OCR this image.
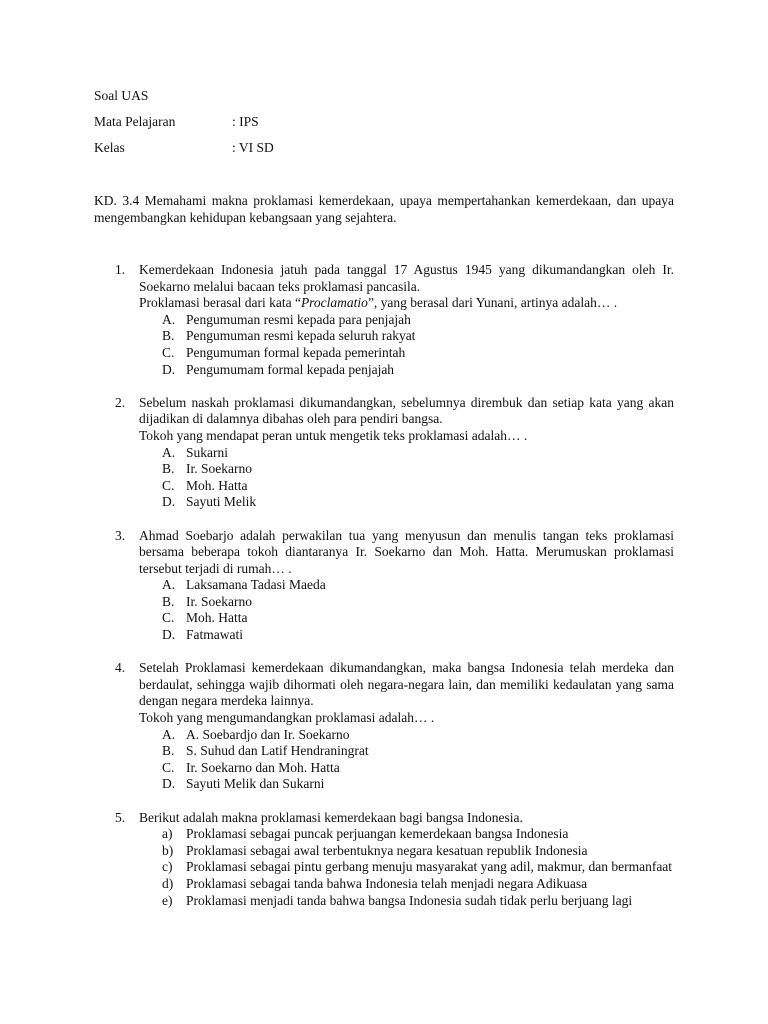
Soal UAS
Mata Pelajaran	: IPS
Kelas	: VI SD
KD. 3.4 Memahami makna proklamasi kemerdekaan, upaya mempertahankan kemerdekaan, dan upaya mengembangkan kehidupan kebangsaan yang sejahtera.
1. Kemerdekaan Indonesia jatuh pada tanggal 17 Agustus 1945 yang dikumandangkan oleh Ir. Soekarno melalui bacaan teks proklamasi pancasila.
Proklamasi berasal dari kata “Proclamatio”, yang berasal dari Yunani, artinya adalah… .
A. Pengumuman resmi kepada para penjajah
B. Pengumuman resmi kepada seluruh rakyat
C. Pengumuman formal kepada pemerintah
D. Pengumumam formal kepada penjajah
2. Sebelum naskah proklamasi dikumandangkan, sebelumnya dirembuk dan setiap kata yang akan dijadikan di dalamnya dibahas oleh para pendiri bangsa.
Tokoh yang mendapat peran untuk mengetik teks proklamasi adalah… .
A. Sukarni
B. Ir. Soekarno
C. Moh. Hatta
D. Sayuti Melik
3. Ahmad Soebarjo adalah perwakilan tua yang menyusun dan menulis tangan teks proklamasi bersama beberapa tokoh diantaranya Ir. Soekarno dan Moh. Hatta. Merumuskan proklamasi tersebut terjadi di rumah… .
A. Laksamana Tadasi Maeda
B. Ir. Soekarno
C. Moh. Hatta
D. Fatmawati
4. Setelah Proklamasi kemerdekaan dikumandangkan, maka bangsa Indonesia telah merdeka dan berdaulat, sehingga wajib dihormati oleh negara-negara lain, dan memiliki kedaulatan yang sama dengan negara merdeka lainnya.
Tokoh yang mengumandangkan proklamasi adalah… .
A. A. Soebardjo dan Ir. Soekarno
B. S. Suhud dan Latif Hendraningrat
C. Ir. Soekarno dan Moh. Hatta
D. Sayuti Melik dan Sukarni
5. Berikut adalah makna proklamasi kemerdekaan bagi bangsa Indonesia.
a) Proklamasi sebagai puncak perjuangan kemerdekaan bangsa Indonesia
b) Proklamasi sebagai awal terbentuknya negara kesatuan republik Indonesia
c) Proklamasi sebagai pintu gerbang menuju masyarakat yang adil, makmur, dan bermanfaat
d) Proklamasi sebagai tanda bahwa Indonesia telah menjadi negara Adikuasa
e) Proklamasi menjadi tanda bahwa bangsa Indonesia sudah tidak perlu berjuang lagi
